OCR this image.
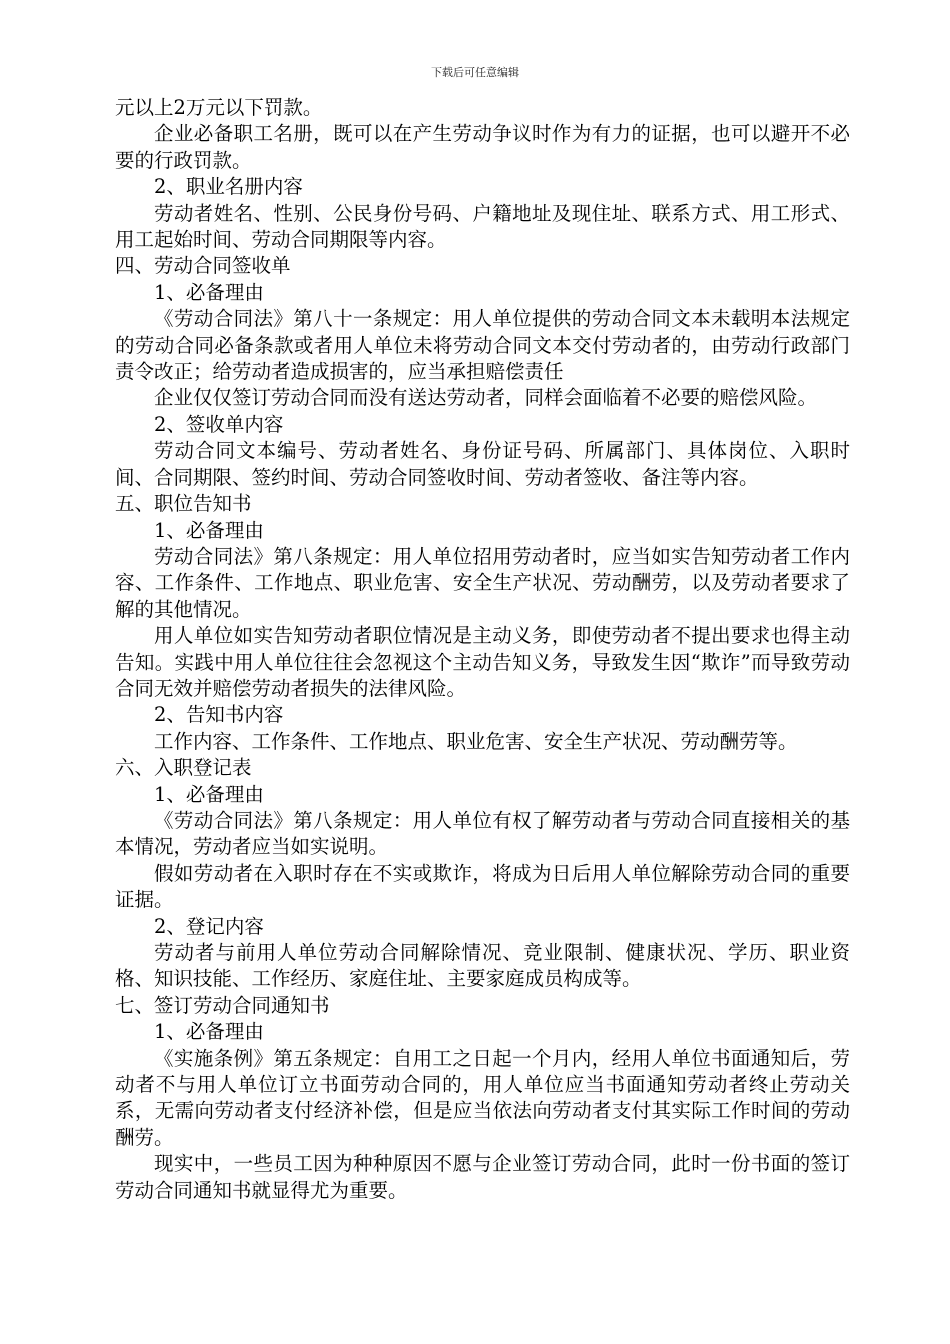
下载后可任意编辑

元以上2万元以下罚款。

企业必备职工名册，既可以在产生劳动争议时作为有力的证据，也可以避开不必要的行政罚款。

2、职业名册内容

劳动者姓名、性别、公民身份号码、户籍地址及现住址、联系方式、用工形式、用工起始时间、劳动合同期限等内容。

四、劳动合同签收单

1、必备理由

《劳动合同法》第八十一条规定：用人单位提供的劳动合同文本未载明本法规定的劳动合同必备条款或者用人单位未将劳动合同文本交付劳动者的，由劳动行政部门责令改正；给劳动者造成损害的，应当承担赔偿责任

企业仅仅签订劳动合同而没有送达劳动者，同样会面临着不必要的赔偿风险。

2、签收单内容

劳动合同文本编号、劳动者姓名、身份证号码、所属部门、具体岗位、入职时间、合同期限、签约时间、劳动合同签收时间、劳动者签收、备注等内容。

五、职位告知书

1、必备理由

劳动合同法》第八条规定：用人单位招用劳动者时，应当如实告知劳动者工作内容、工作条件、工作地点、职业危害、安全生产状况、劳动酬劳，以及劳动者要求了解的其他情况。

用人单位如实告知劳动者职位情况是主动义务，即使劳动者不提出要求也得主动告知。实践中用人单位往往会忽视这个主动告知义务，导致发生因“欺诈”而导致劳动合同无效并赔偿劳动者损失的法律风险。

2、告知书内容

工作内容、工作条件、工作地点、职业危害、安全生产状况、劳动酬劳等。

六、入职登记表

1、必备理由

《劳动合同法》第八条规定：用人单位有权了解劳动者与劳动合同直接相关的基本情况，劳动者应当如实说明。

假如劳动者在入职时存在不实或欺诈，将成为日后用人单位解除劳动合同的重要证据。

2、登记内容

劳动者与前用人单位劳动合同解除情况、竞业限制、健康状况、学历、职业资格、知识技能、工作经历、家庭住址、主要家庭成员构成等。

七、签订劳动合同通知书

1、必备理由

《实施条例》第五条规定：自用工之日起一个月内，经用人单位书面通知后，劳动者不与用人单位订立书面劳动合同的，用人单位应当书面通知劳动者终止劳动关系，无需向劳动者支付经济补偿，但是应当依法向劳动者支付其实际工作时间的劳动酬劳。

现实中，一些员工因为种种原因不愿与企业签订劳动合同，此时一份书面的签订劳动合同通知书就显得尤为重要。
